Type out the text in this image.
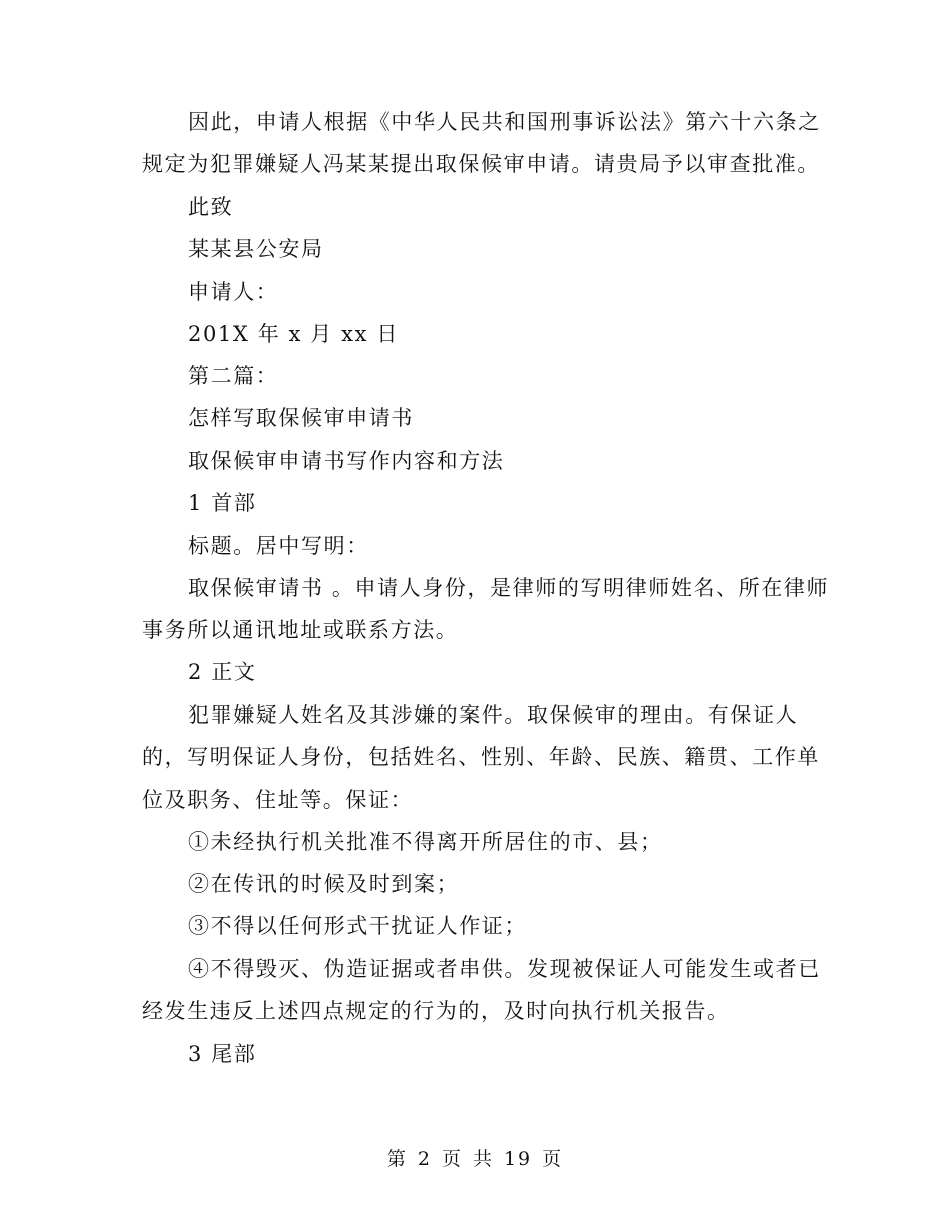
因此，申请人根据《中华人民共和国刑事诉讼法》第六十六条之
规定为犯罪嫌疑人冯某某提出取保候审申请。请贵局予以审查批准。
此致
某某县公安局
申请人：
201X 年 x 月 xx 日
第二篇：
怎样写取保候审申请书
取保候审申请书写作内容和方法
1 首部
标题。居中写明：
取保候审请书 。申请人身份，是律师的写明律师姓名、所在律师
事务所以通讯地址或联系方法。
2 正文
犯罪嫌疑人姓名及其涉嫌的案件。取保候审的理由。有保证人
的，写明保证人身份，包括姓名、性别、年龄、民族、籍贯、工作单
位及职务、住址等。保证：
①未经执行机关批准不得离开所居住的市、县；
②在传讯的时候及时到案；
③不得以任何形式干扰证人作证；
④不得毁灭、伪造证据或者串供。发现被保证人可能发生或者已
经发生违反上述四点规定的行为的，及时向执行机关报告。
3 尾部
第 2 页 共 19 页
